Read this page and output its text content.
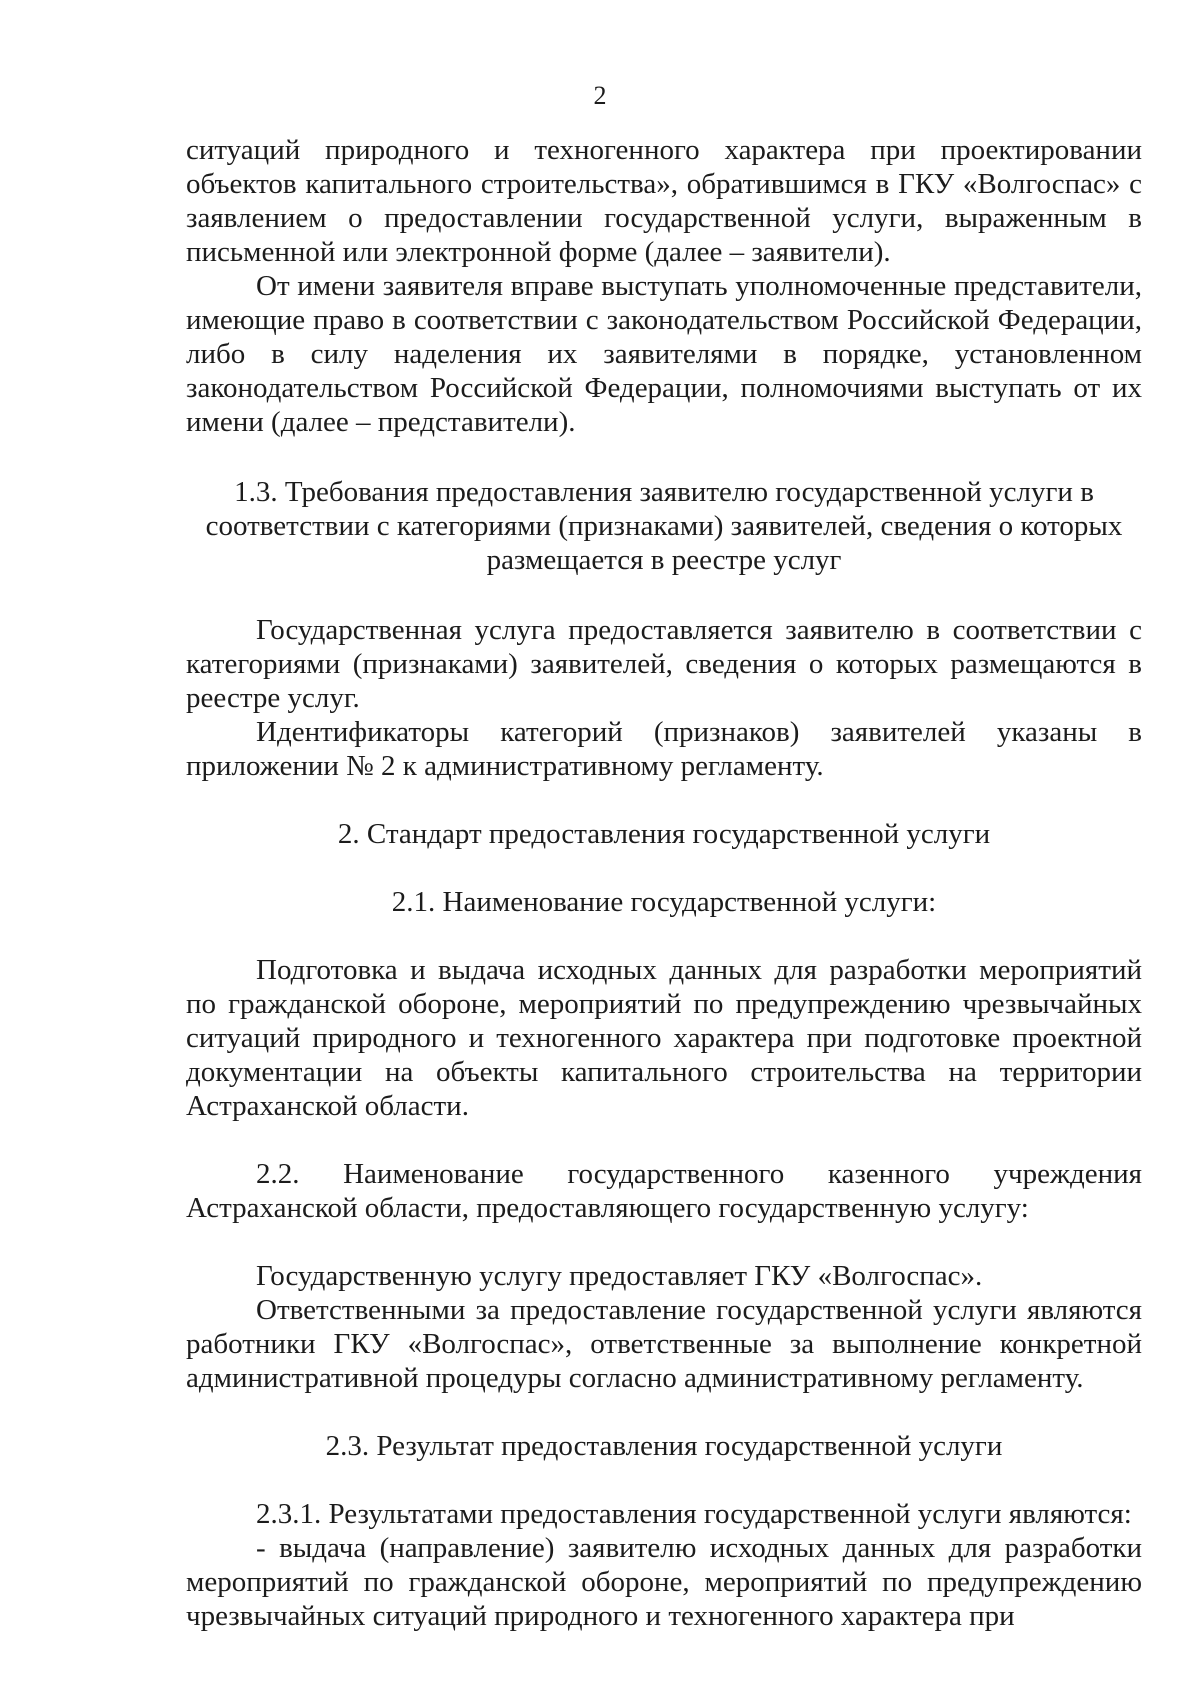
2

ситуаций природного и техногенного характера при проектировании объектов капитального строительства», обратившимся в ГКУ «Волгоспас» с заявлением о предоставлении государственной услуги, выраженным в письменной или электронной форме (далее – заявители).

От имени заявителя вправе выступать уполномоченные представители, имеющие право в соответствии с законодательством Российской Федерации, либо в силу наделения их заявителями в порядке, установленном законодательством Российской Федерации, полномочиями выступать от их имени (далее – представители).

1.3. Требования предоставления заявителю государственной услуги в соответствии с категориями (признаками) заявителей, сведения о которых размещается в реестре услуг

Государственная услуга предоставляется заявителю в соответствии с категориями (признаками) заявителей, сведения о которых размещаются в реестре услуг.

Идентификаторы категорий (признаков) заявителей указаны в приложении № 2 к административному регламенту.

2. Стандарт предоставления государственной услуги
2.1. Наименование государственной услуги:

Подготовка и выдача исходных данных для разработки мероприятий по гражданской обороне, мероприятий по предупреждению чрезвычайных ситуаций природного и техногенного характера при подготовке проектной документации на объекты капитального строительства на территории Астраханской области.

2.2. Наименование государственного казенного учреждения Астраханской области, предоставляющего государственную услугу:

Государственную услугу предоставляет ГКУ «Волгоспас».

Ответственными за предоставление государственной услуги являются работники ГКУ «Волгоспас», ответственные за выполнение конкретной административной процедуры согласно административному регламенту.

2.3. Результат предоставления государственной услуги

2.3.1. Результатами предоставления государственной услуги являются:

- выдача (направление) заявителю исходных данных для разработки мероприятий по гражданской обороне, мероприятий по предупреждению чрезвычайных ситуаций природного и техногенного характера при
